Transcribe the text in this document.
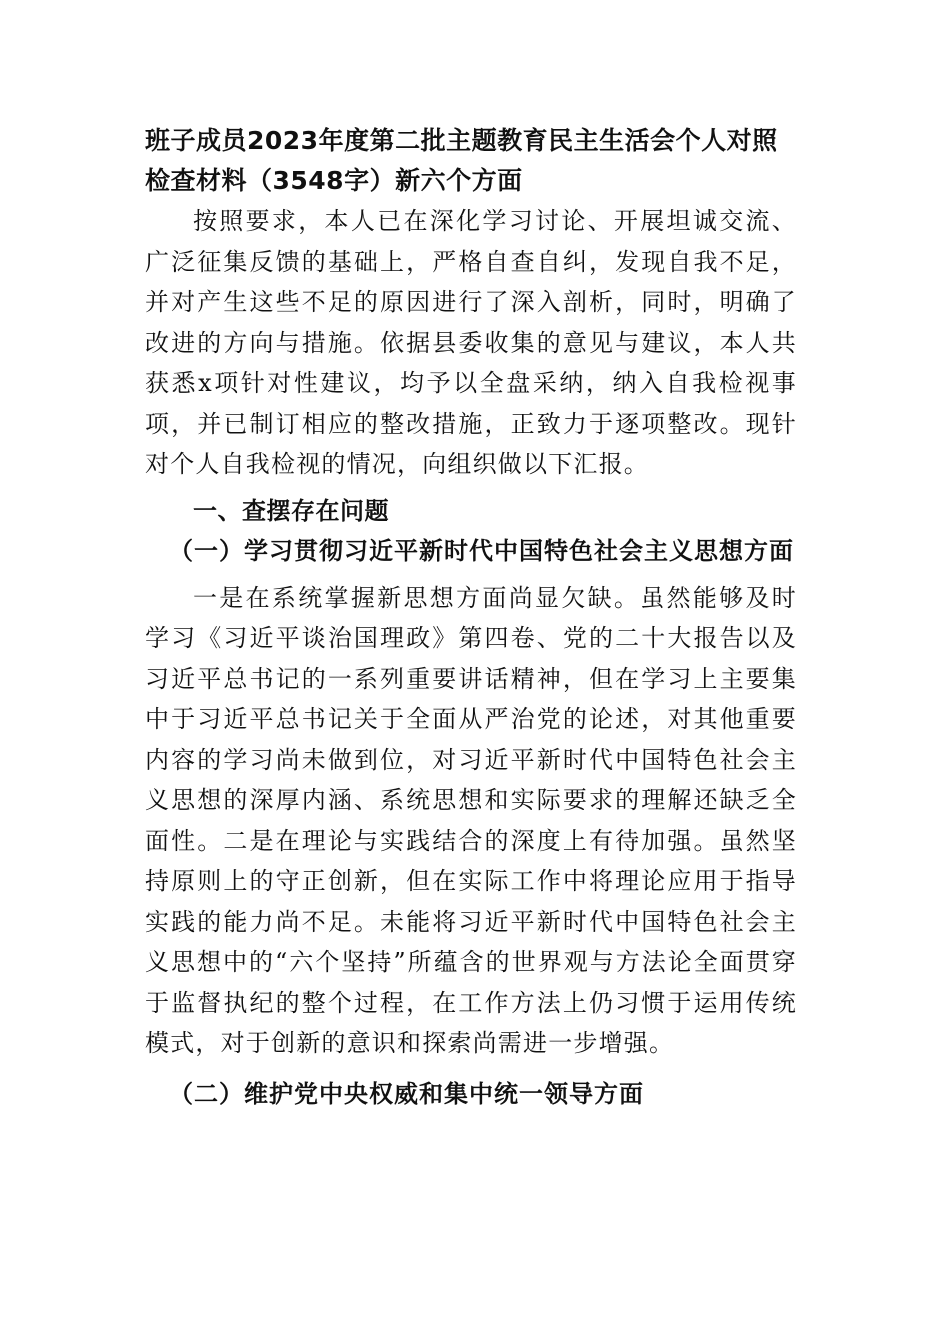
班子成员2023年度第二批主题教育民主生活会个人对照检查材料（3548字）新六个方面

按照要求，本人已在深化学习讨论、开展坦诚交流、广泛征集反馈的基础上，严格自查自纠，发现自我不足，并对产生这些不足的原因进行了深入剖析，同时，明确了改进的方向与措施。依据县委收集的意见与建议，本人共获悉x项针对性建议，均予以全盘采纳，纳入自我检视事项，并已制订相应的整改措施，正致力于逐项整改。现针对个人自我检视的情况，向组织做以下汇报。

一、查摆存在问题

（一）学习贯彻习近平新时代中国特色社会主义思想方面

一是在系统掌握新思想方面尚显欠缺。虽然能够及时学习《习近平谈治国理政》第四卷、党的二十大报告以及习近平总书记的一系列重要讲话精神，但在学习上主要集中于习近平总书记关于全面从严治党的论述，对其他重要内容的学习尚未做到位，对习近平新时代中国特色社会主义思想的深厚内涵、系统思想和实际要求的理解还缺乏全面性。二是在理论与实践结合的深度上有待加强。虽然坚持原则上的守正创新，但在实际工作中将理论应用于指导实践的能力尚不足。未能将习近平新时代中国特色社会主义思想中的“六个坚持”所蕴含的世界观与方法论全面贯穿于监督执纪的整个过程，在工作方法上仍习惯于运用传统模式，对于创新的意识和探索尚需进一步增强。

（二）维护党中央权威和集中统一领导方面
